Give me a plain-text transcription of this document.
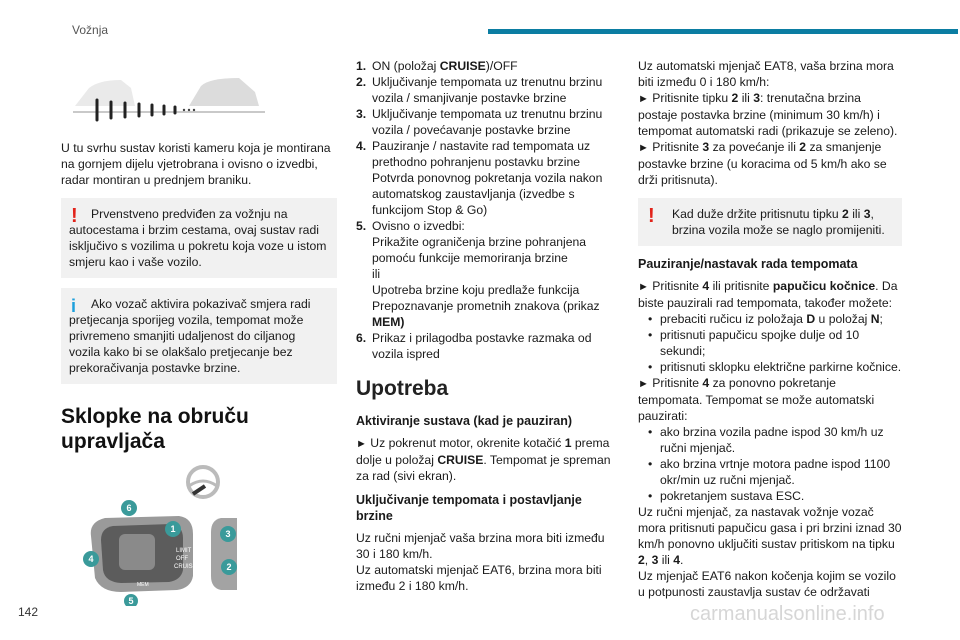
Vožnja

U tu svrhu sustav koristi kameru koja je montirana na gornjem dijelu vjetrobrana i ovisno o izvedbi, radar montiran u prednjem braniku.

!	Prvenstveno predviđen za vožnju na autocestama i brzim cestama, ovaj sustav radi isključivo s vozilima u pokretu koja voze u istom smjeru kao i vaše vozilo.

i	Ako vozač aktivira pokazivač smjera radi pretjecanja sporijeg vozila, tempomat može privremeno smanjiti udaljenost do ciljanog vozila kako bi se olakšalo pretjecanje bez prekoračivanja postavke brzine.

Sklopke na obruču upravljača
LIMIT
OFF
CRUISE
MEM
6
1
4
5
3
2
1. ON (položaj CRUISE)/OFF
2. Uključivanje tempomata uz trenutnu brzinu vozila / smanjivanje postavke brzine
3. Uključivanje tempomata uz trenutnu brzinu vozila / povećavanje postavke brzine
4. Pauziranje / nastavite rad tempomata uz prethodno pohranjenu postavku brzine
Potvrda ponovnog pokretanja vozila nakon automatskog zaustavljanja (izvedbe s funkcijom Stop & Go)
5. Ovisno o izvedbi:
Prikažite ograničenja brzine pohranjena pomoću funkcije memoriranja brzine
ili
Upotreba brzine koju predlaže funkcija Prepoznavanje prometnih znakova (prikaz MEM)
6. Prikaz i prilagodba postavke razmaka od vozila ispred
Upotreba

Aktiviranje sustava (kad je pauziran)

► Uz pokrenut motor, okrenite kotačić 1 prema dolje u položaj CRUISE. Tempomat je spreman za rad (sivi ekran).

Uključivanje tempomata i postavljanje brzine

Uz ručni mjenjač vaša brzina mora biti između 30 i 180 km/h.

Uz automatski mjenjač EAT6, brzina mora biti između 2 i 180 km/h.

Uz automatski mjenjač EAT8, vaša brzina mora biti između 0 i 180 km/h:

► Pritisnite tipku 2 ili 3: trenutačna brzina postaje postavka brzine (minimum 30 km/h) i tempomat automatski radi (prikazuje se zeleno).

► Pritisnite 3 za povećanje ili 2 za smanjenje postavke brzine (u koracima od 5 km/h ako se drži pritisnuta).

! Kad duže držite pritisnutu tipku 2 ili 3, brzina vozila može se naglo promijeniti.

Pauziranje/nastavak rada tempomata

► Pritisnite 4 ili pritisnite papučicu kočnice. Da biste pauzirali rad tempomata, također možete:

• prebaciti ručicu iz položaja D u položaj N;
• pritisnuti papučicu spojke dulje od 10 sekundi;
• pritisnuti sklopku električne parkirne kočnice.

► Pritisnite 4 za ponovno pokretanje tempomata. Tempomat se može automatski pauzirati:

• ako brzina vozila padne ispod 30 km/h uz ručni mjenjač.
• ako brzina vrtnje motora padne ispod 1100 okr/min uz ručni mjenjač.
• pokretanjem sustava ESC.

Uz ručni mjenjač, za nastavak vožnje vozač mora pritisnuti papučicu gasa i pri brzini iznad 30 km/h ponovno uključiti sustav pritiskom na tipku 2, 3 ili 4.

Uz mjenjač EAT6 nakon kočenja kojim se vozilo u potpunosti zaustavlja sustav će održavati

142	carmanualsonline.info
